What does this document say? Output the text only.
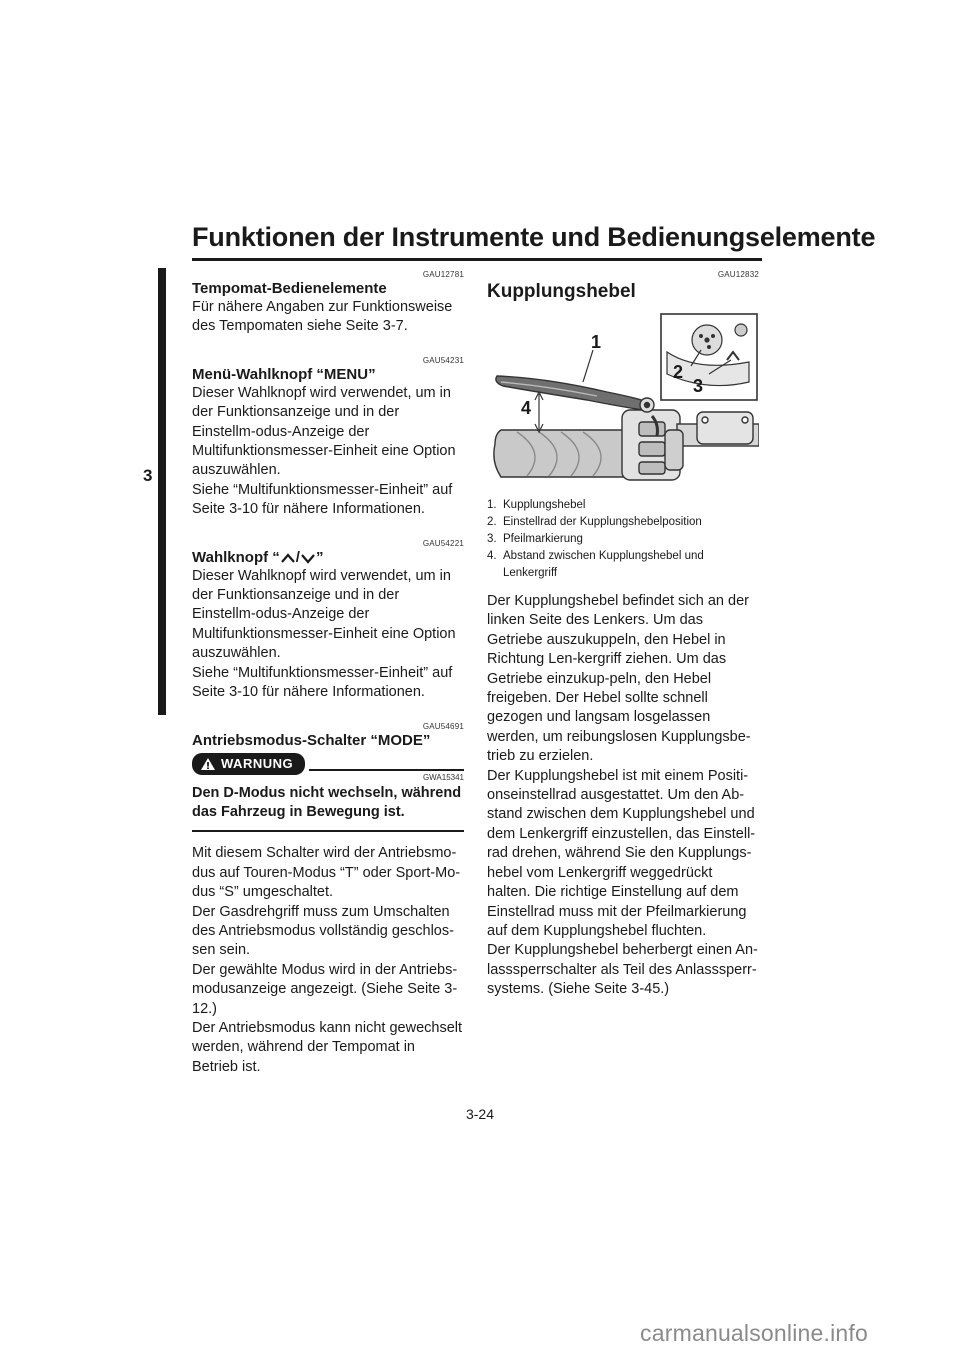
Funktionen der Instrumente und Bedienungselemente
3
GAU12781
Tempomat-Bedienelemente

Für nähere Angaben zur Funktionsweise des Tempomaten siehe Seite 3-7.

GAU54231
Menü-Wahlknopf “MENU”

Dieser Wahlknopf wird verwendet, um in der Funktionsanzeige und in der Einstellm-odus-Anzeige der Multifunktionsmesser-Einheit eine Option auszuwählen.

Siehe “Multifunktionsmesser-Einheit” auf Seite 3-10 für nähere Informationen.

GAU54221
Wahlknopf “ / ”

Dieser Wahlknopf wird verwendet, um in der Funktionsanzeige und in der Einstellm-odus-Anzeige der Multifunktionsmesser-Einheit eine Option auszuwählen.

Siehe “Multifunktionsmesser-Einheit” auf Seite 3-10 für nähere Informationen.

GAU54691
Antriebsmodus-Schalter “MODE”
WARNUNG
GWA15341

Den D-Modus nicht wechseln, während das Fahrzeug in Bewegung ist.

Mit diesem Schalter wird der Antriebsmo-dus auf Touren-Modus “T” oder Sport-Mo-dus “S” umgeschaltet.

Der Gasdrehgriff muss zum Umschalten des Antriebsmodus vollständig geschlos-sen sein.

Der gewählte Modus wird in der Antriebs-modusanzeige angezeigt. (Siehe Seite 3-12.)

Der Antriebsmodus kann nicht gewechselt werden, während der Tempomat in Betrieb ist.

GAU12832
Kupplungshebel
1
2
3
4
1. Kupplungshebel
2. Einstellrad der Kupplungshebelposition
3. Pfeilmarkierung
4. Abstand zwischen Kupplungshebel und Lenkergriff

Der Kupplungshebel befindet sich an der linken Seite des Lenkers. Um das Getriebe auszukuppeln, den Hebel in Richtung Len-kergriff ziehen. Um das Getriebe einzukup-peln, den Hebel freigeben. Der Hebel sollte schnell gezogen und langsam losgelassen werden, um reibungslosen Kupplungsbe-trieb zu erzielen.

Der Kupplungshebel ist mit einem Positi-onseinstellrad ausgestattet. Um den Ab-stand zwischen dem Kupplungshebel und dem Lenkergriff einzustellen, das Einstell-rad drehen, während Sie den Kupplungs-hebel vom Lenkergriff weggedrückt halten. Die richtige Einstellung auf dem Einstellrad muss mit der Pfeilmarkierung auf dem Kupplungshebel fluchten.

Der Kupplungshebel beherbergt einen An-lasssperrschalter als Teil des Anlasssperr-systems. (Siehe Seite 3-45.)

3-24
carmanualsonline.info
